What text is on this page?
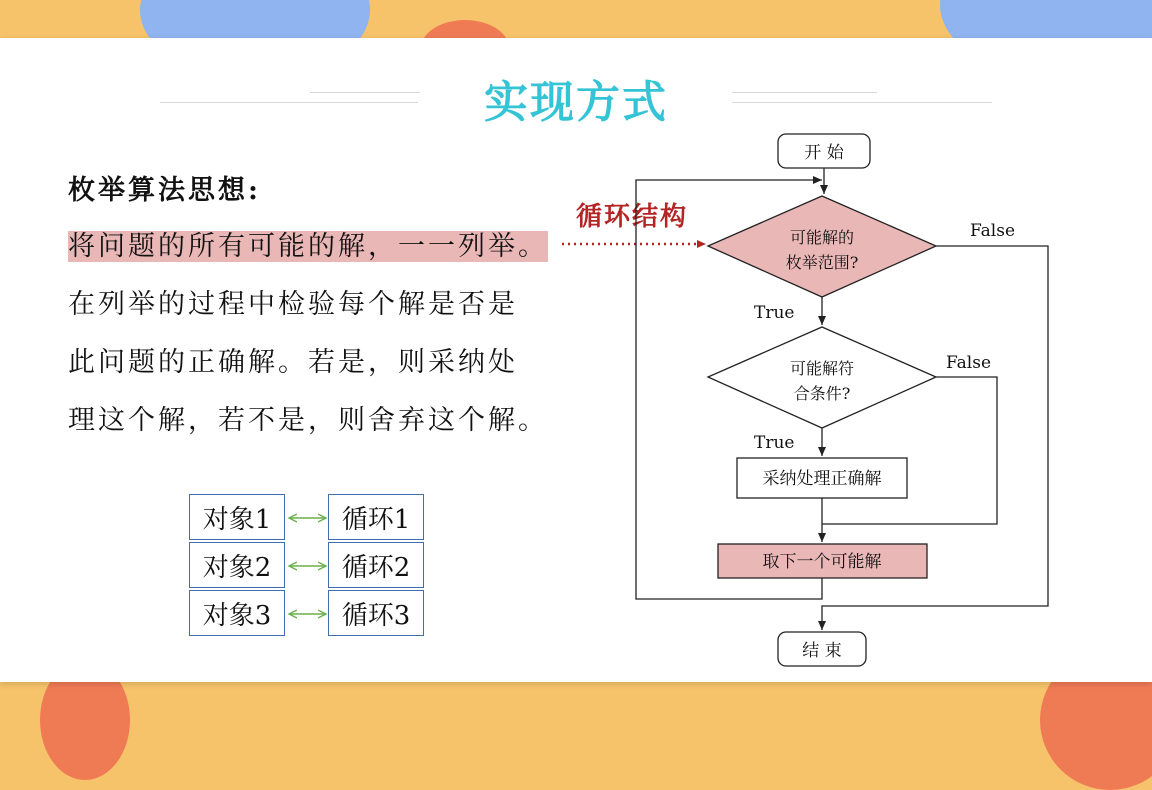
实现方式
枚举算法思想:
将问题的所有可能的解，一一列举。
在列举的过程中检验每个解是否是
此问题的正确解。若是，则采纳处
理这个解，若不是，则舍弃这个解。
循环结构
对象1
对象2
对象3
循环1
循环2
循环3
开 始
可能解的
枚举范围?
True
可能解符
合条件?
True
采纳处理正确解
False
取下一个可能解
False
结 束
